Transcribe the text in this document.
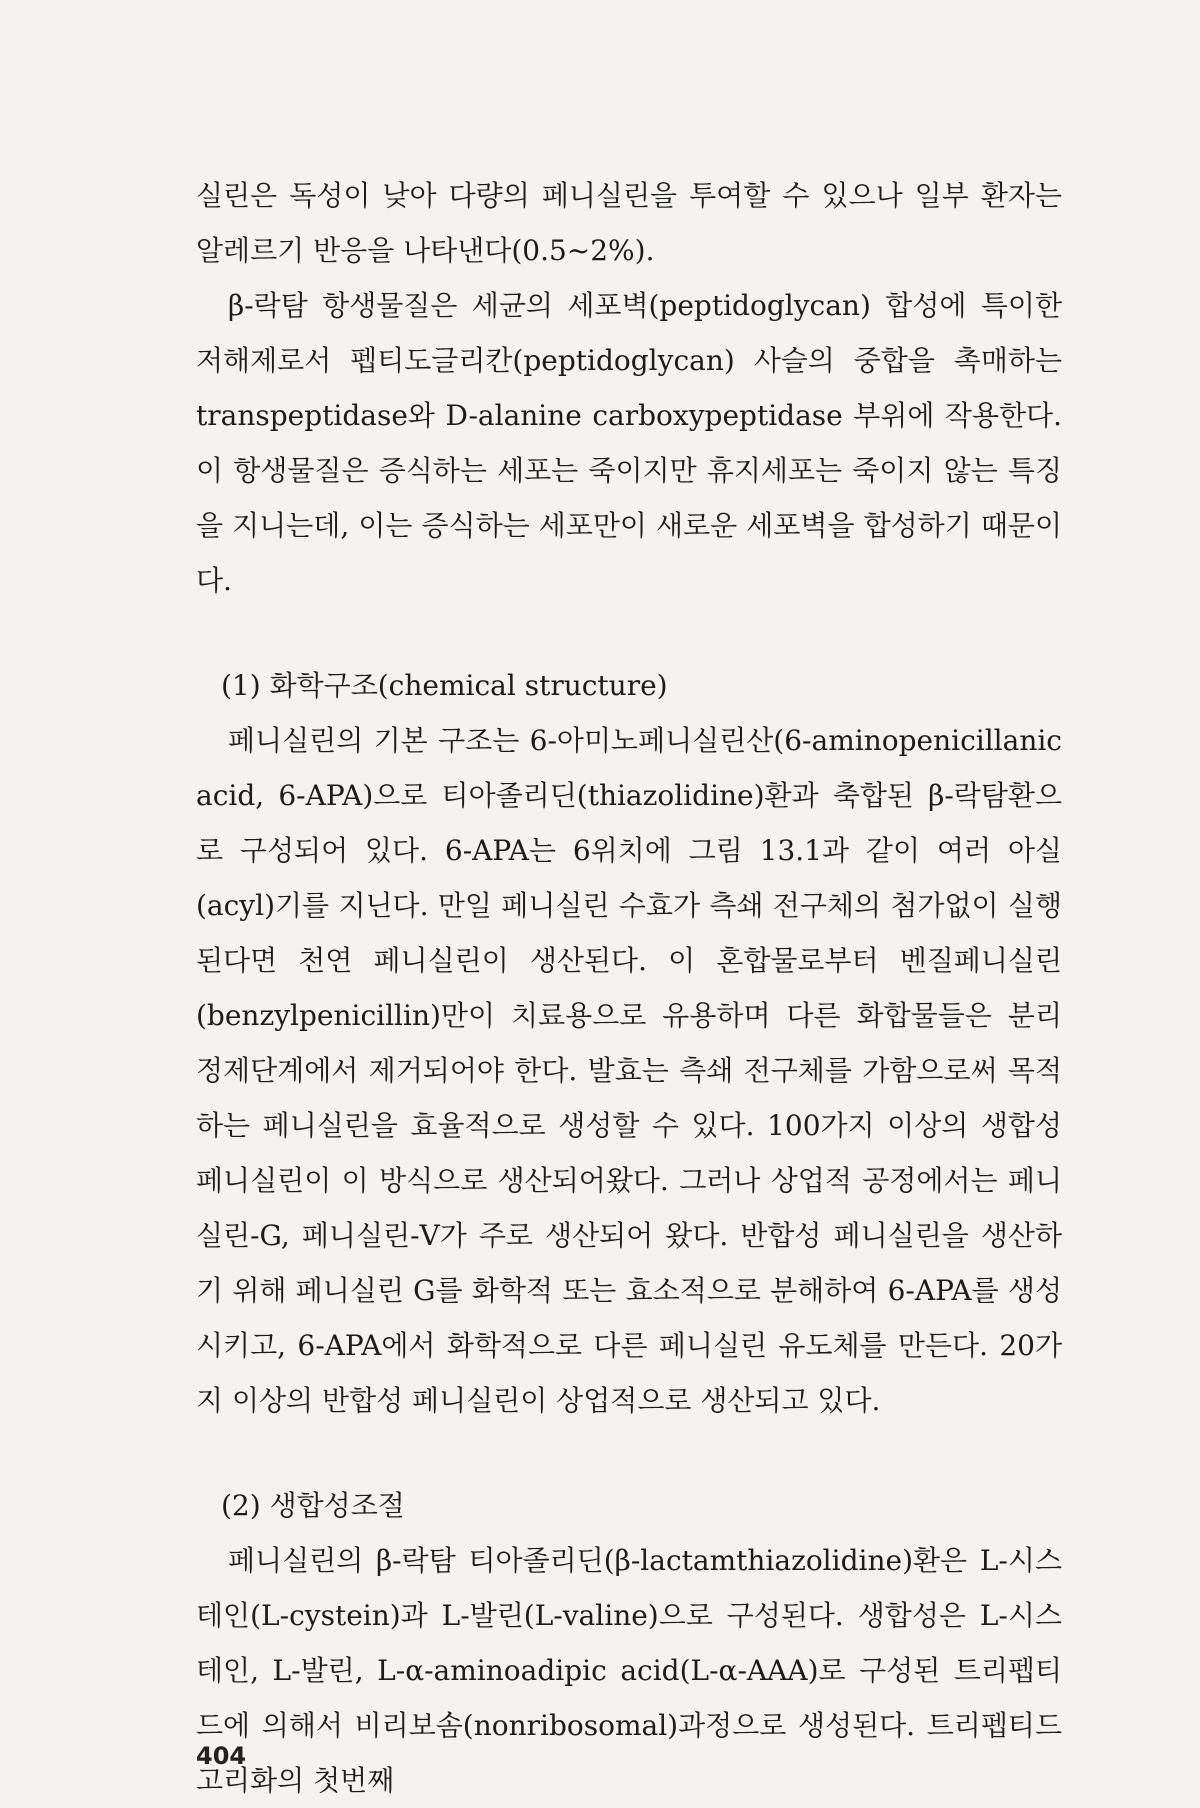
실린은 독성이 낮아 다량의 페니실린을 투여할 수 있으나 일부 환자는 알레르기 반응을 나타낸다(0.5~2%).

β-락탐 항생물질은 세균의 세포벽(peptidoglycan) 합성에 특이한 저해제로서 펩티도글리칸(peptidoglycan) 사슬의 중합을 촉매하는 transpeptidase와 D-alanine carboxypeptidase 부위에 작용한다. 이 항생물질은 증식하는 세포는 죽이지만 휴지세포는 죽이지 않는 특징을 지니는데, 이는 증식하는 세포만이 새로운 세포벽을 합성하기 때문이다.

(1) 화학구조(chemical structure)

페니실린의 기본 구조는 6-아미노페니실린산(6-aminopenicillanic acid, 6-APA)으로 티아졸리딘(thiazolidine)환과 축합된 β-락탐환으로 구성되어 있다. 6-APA는 6위치에 그림 13.1과 같이 여러 아실(acyl)기를 지닌다. 만일 페니실린 수효가 측쇄 전구체의 첨가없이 실행된다면 천연 페니실린이 생산된다. 이 혼합물로부터 벤질페니실린(benzylpenicillin)만이 치료용으로 유용하며 다른 화합물들은 분리 정제단계에서 제거되어야 한다. 발효는 측쇄 전구체를 가함으로써 목적하는 페니실린을 효율적으로 생성할 수 있다. 100가지 이상의 생합성 페니실린이 이 방식으로 생산되어왔다. 그러나 상업적 공정에서는 페니실린-G, 페니실린-V가 주로 생산되어 왔다. 반합성 페니실린을 생산하기 위해 페니실린 G를 화학적 또는 효소적으로 분해하여 6-APA를 생성시키고, 6-APA에서 화학적으로 다른 페니실린 유도체를 만든다. 20가지 이상의 반합성 페니실린이 상업적으로 생산되고 있다.

(2) 생합성조절

페니실린의 β-락탐 티아졸리딘(β-lactamthiazolidine)환은 L-시스테인(L-cystein)과 L-발린(L-valine)으로 구성된다. 생합성은 L-시스테인, L-발린, L-α-aminoadipic acid(L-α-AAA)로 구성된 트리펩티드에 의해서 비리보솜(nonribosomal)과정으로 생성된다. 트리펩티드 고리화의 첫번째

404
